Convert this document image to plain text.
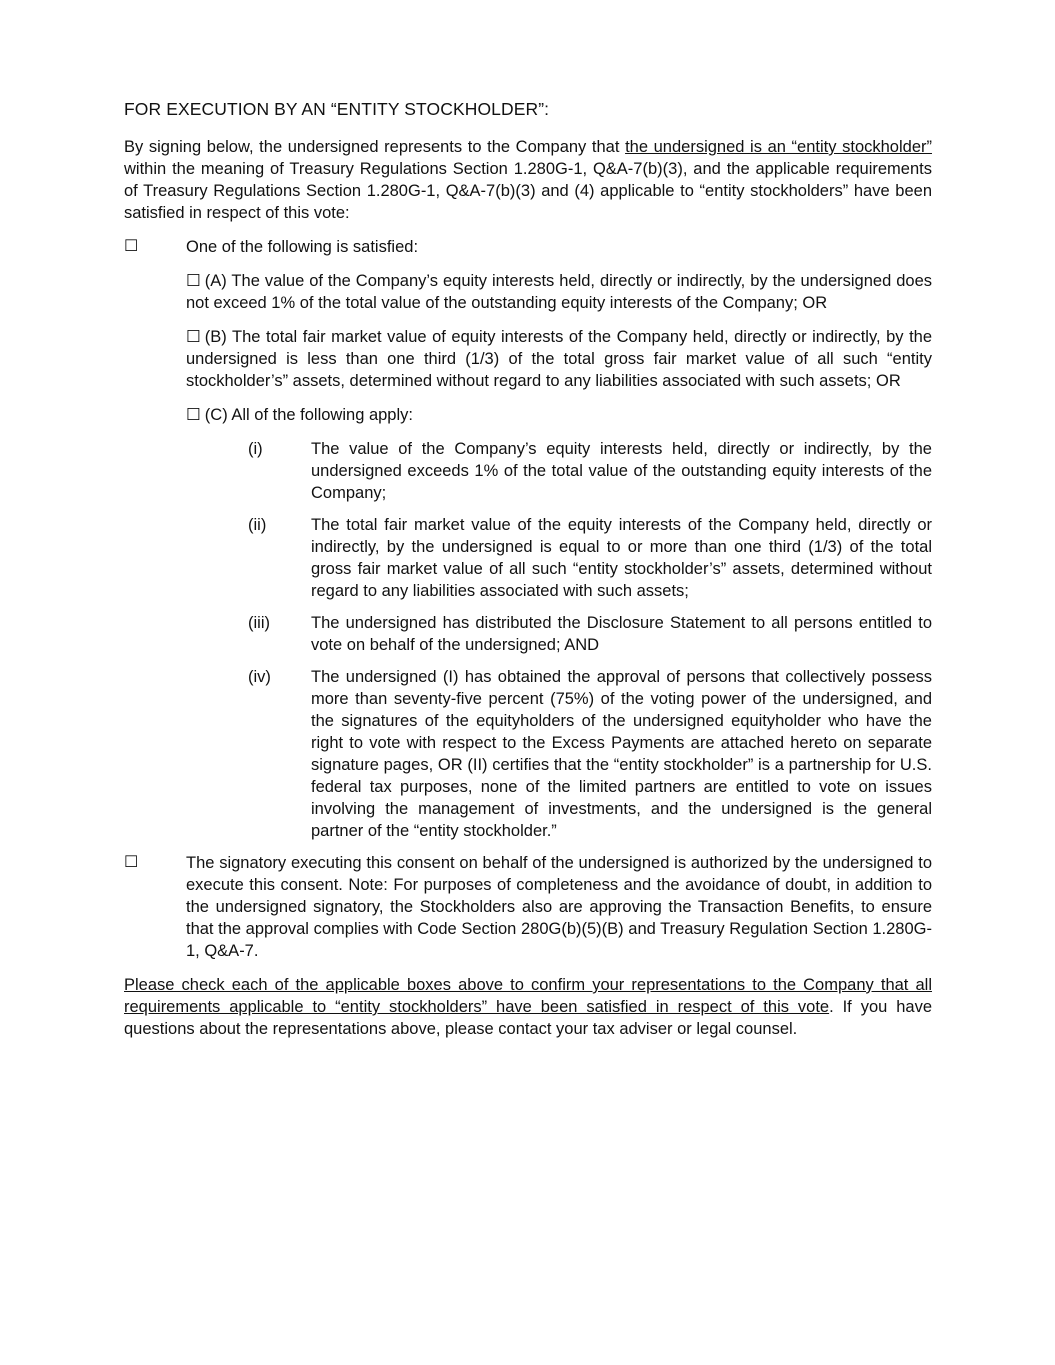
FOR EXECUTION BY AN “ENTITY STOCKHOLDER”:

By signing below, the undersigned represents to the Company that the undersigned is an “entity stockholder” within the meaning of Treasury Regulations Section 1.280G-1, Q&A-7(b)(3), and the applicable requirements of Treasury Regulations Section 1.280G-1, Q&A-7(b)(3) and (4) applicable to “entity stockholders” have been satisfied in respect of this vote:

☐	One of the following is satisfied:

☐ (A) The value of the Company’s equity interests held, directly or indirectly, by the undersigned does not exceed 1% of the total value of the outstanding equity interests of the Company; OR

☐ (B) The total fair market value of equity interests of the Company held, directly or indirectly, by the undersigned is less than one third (1/3) of the total gross fair market value of all such “entity stockholder’s” assets, determined without regard to any liabilities associated with such assets; OR

☐ (C) All of the following apply:

(i)	The value of the Company’s equity interests held, directly or indirectly, by the undersigned exceeds 1% of the total value of the outstanding equity interests of the Company;
(ii)	The total fair market value of the equity interests of the Company held, directly or indirectly, by the undersigned is equal to or more than one third (1/3) of the total gross fair market value of all such “entity stockholder’s” assets, determined without regard to any liabilities associated with such assets;
(iii)	The undersigned has distributed the Disclosure Statement to all persons entitled to vote on behalf of the undersigned; AND
(iv)	The undersigned (I) has obtained the approval of persons that collectively possess more than seventy-five percent (75%) of the voting power of the undersigned, and the signatures of the equityholders of the undersigned equityholder who have the right to vote with respect to the Excess Payments are attached hereto on separate signature pages, OR (II) certifies that the “entity stockholder” is a partnership for U.S. federal tax purposes, none of the limited partners are entitled to vote on issues involving the management of investments, and the undersigned is the general partner of the “entity stockholder.”
☐	The signatory executing this consent on behalf of the undersigned is authorized by the undersigned to execute this consent. Note: For purposes of completeness and the avoidance of doubt, in addition to the undersigned signatory, the Stockholders also are approving the Transaction Benefits, to ensure that the approval complies with Code Section 280G(b)(5)(B) and Treasury Regulation Section 1.280G-1, Q&A-7.

Please check each of the applicable boxes above to confirm your representations to the Company that all requirements applicable to “entity stockholders” have been satisfied in respect of this vote. If you have questions about the representations above, please contact your tax adviser or legal counsel.
